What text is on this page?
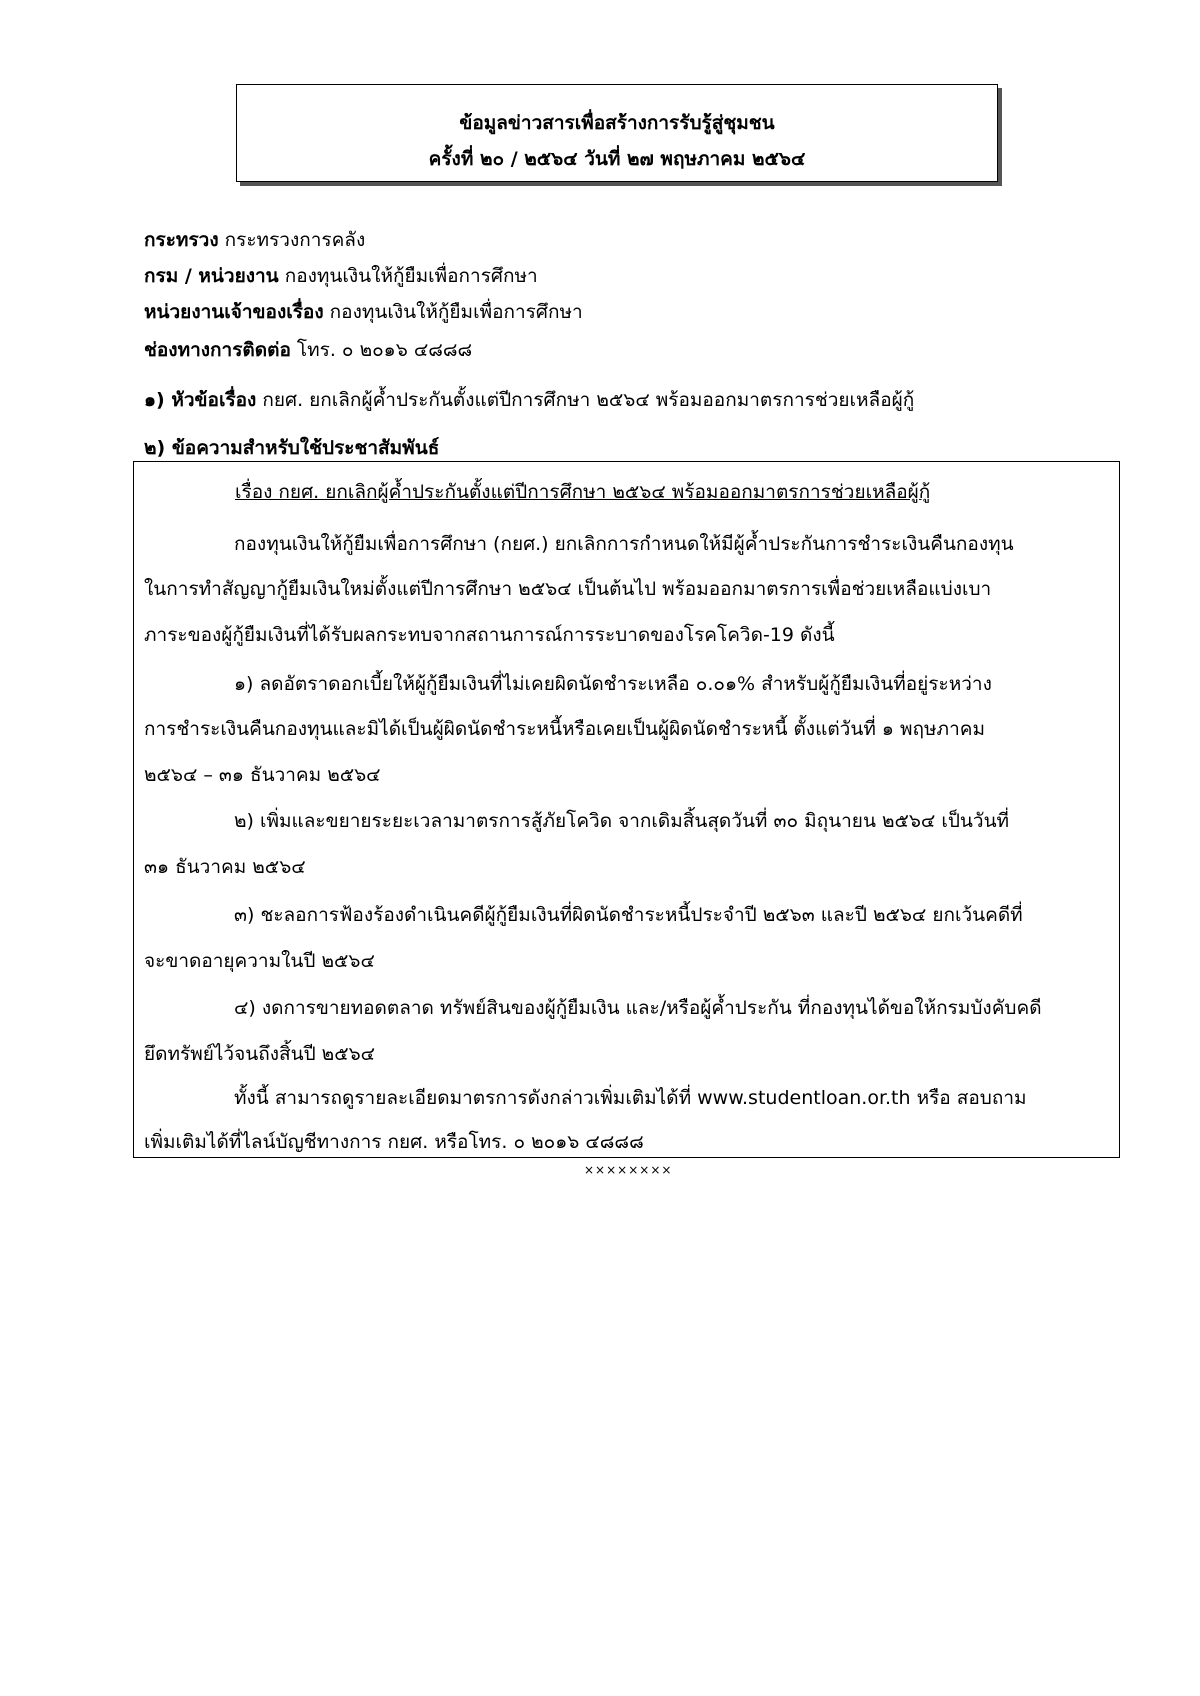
ข้อมูลข่าวสารเพื่อสร้างการรับรู้สู่ชุมชน
ครั้งที่ ๒๐ / ๒๕๖๔ วันที่ ๒๗ พฤษภาคม ๒๕๖๔
กระทรวง กระทรวงการคลัง
กรม / หน่วยงาน กองทุนเงินให้กู้ยืมเพื่อการศึกษา
หน่วยงานเจ้าของเรื่อง กองทุนเงินให้กู้ยืมเพื่อการศึกษา
ช่องทางการติดต่อ โทร. ๐ ๒๐๑๖ ๔๘๘๘
๑) หัวข้อเรื่อง กยศ. ยกเลิกผู้ค้ำประกันตั้งแต่ปีการศึกษา ๒๕๖๔ พร้อมออกมาตรการช่วยเหลือผู้กู้
๒) ข้อความสำหรับใช้ประชาสัมพันธ์
เรื่อง กยศ. ยกเลิกผู้ค้ำประกันตั้งแต่ปีการศึกษา ๒๕๖๔ พร้อมออกมาตรการช่วยเหลือผู้กู้
กองทุนเงินให้กู้ยืมเพื่อการศึกษา (กยศ.) ยกเลิกการกำหนดให้มีผู้ค้ำประกันการชำระเงินคืนกองทุน
ในการทำสัญญากู้ยืมเงินใหม่ตั้งแต่ปีการศึกษา ๒๕๖๔ เป็นต้นไป พร้อมออกมาตรการเพื่อช่วยเหลือแบ่งเบา
ภาระของผู้กู้ยืมเงินที่ได้รับผลกระทบจากสถานการณ์การระบาดของโรคโควิด-19 ดังนี้
๑) ลดอัตราดอกเบี้ยให้ผู้กู้ยืมเงินที่ไม่เคยผิดนัดชำระเหลือ ๐.๐๑% สำหรับผู้กู้ยืมเงินที่อยู่ระหว่าง
การชำระเงินคืนกองทุนและมิได้เป็นผู้ผิดนัดชำระหนี้หรือเคยเป็นผู้ผิดนัดชำระหนี้ ตั้งแต่วันที่ ๑ พฤษภาคม
๒๕๖๔ – ๓๑ ธันวาคม ๒๕๖๔
๒) เพิ่มและขยายระยะเวลามาตรการสู้ภัยโควิด จากเดิมสิ้นสุดวันที่ ๓๐ มิถุนายน ๒๕๖๔ เป็นวันที่
๓๑ ธันวาคม ๒๕๖๔
๓) ชะลอการฟ้องร้องดำเนินคดีผู้กู้ยืมเงินที่ผิดนัดชำระหนี้ประจำปี ๒๕๖๓ และปี ๒๕๖๔ ยกเว้นคดีที่
จะขาดอายุความในปี ๒๕๖๔
๔) งดการขายทอดตลาด ทรัพย์สินของผู้กู้ยืมเงิน และ/หรือผู้ค้ำประกัน ที่กองทุนได้ขอให้กรมบังคับคดี
ยึดทรัพย์ไว้จนถึงสิ้นปี ๒๕๖๔
ทั้งนี้ สามารถดูรายละเอียดมาตรการดังกล่าวเพิ่มเติมได้ที่ www.studentloan.or.th หรือ สอบถาม
เพิ่มเติมได้ที่ไลน์บัญชีทางการ กยศ. หรือโทร. ๐ ๒๐๑๖ ๔๘๘๘
××××××××
